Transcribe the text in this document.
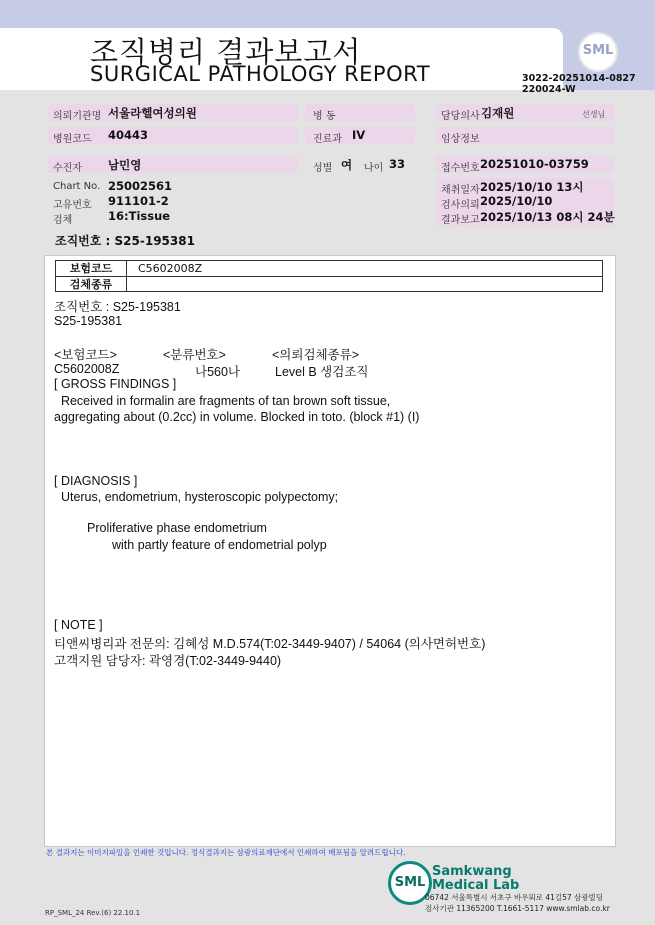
조직병리 결과보고서
SURGICAL PATHOLOGY REPORT
SML
3022-20251014-0827
220024-W
의뢰기관명 서울라헬여성의원	병 동	담당의사 김재원	선생님
병원코드 40443	진료과 IV	임상정보
수진자 남민영	성별 여 나이 33	접수번호 20251010-03759
Chart No. 25002561
고유번호 911101-2
검체	16:Tissue
채취일자 2025/10/10 13시
검사의뢰 2025/10/10
결과보고 2025/10/13 08시 24분
조직번호 : S25-195381
보험코드	C5602008Z
검체종류
조직번호 : S25-195381
S25-195381
<보험코드>	<분류번호>	<의뢰검체종류>
C5602008Z	나560나	Level B 생검조직
[ GROSS FINDINGS ]
Received in formalin are fragments of tan brown soft tissue,
aggregating about (0.2cc) in volume. Blocked in toto. (block #1) (I)
[ DIAGNOSIS ]
Uterus, endometrium, hysteroscopic polypectomy;
Proliferative phase endometrium
with partly feature of endometrial polyp
[ NOTE ]
티앤씨병리과 전문의: 김혜성 M.D.574(T:02-3449-9407) / 54064 (의사면허번호)
고객지원 담당자: 곽영경(T:02-3449-9440)
본 결과지는 이미지파일을 인쇄한 것입니다. 정식결과지는 삼광의료재단에서 인쇄하여 배포됨을 알려드립니다.
RP_SML_24 Rev.(6) 22.10.1
SML
Samkwang
Medical Lab
06742 서울특별시 서초구 바우뫼로 41길57 삼광빌딩
검사기관 11365200 T.1661-5117 www.smlab.co.kr
